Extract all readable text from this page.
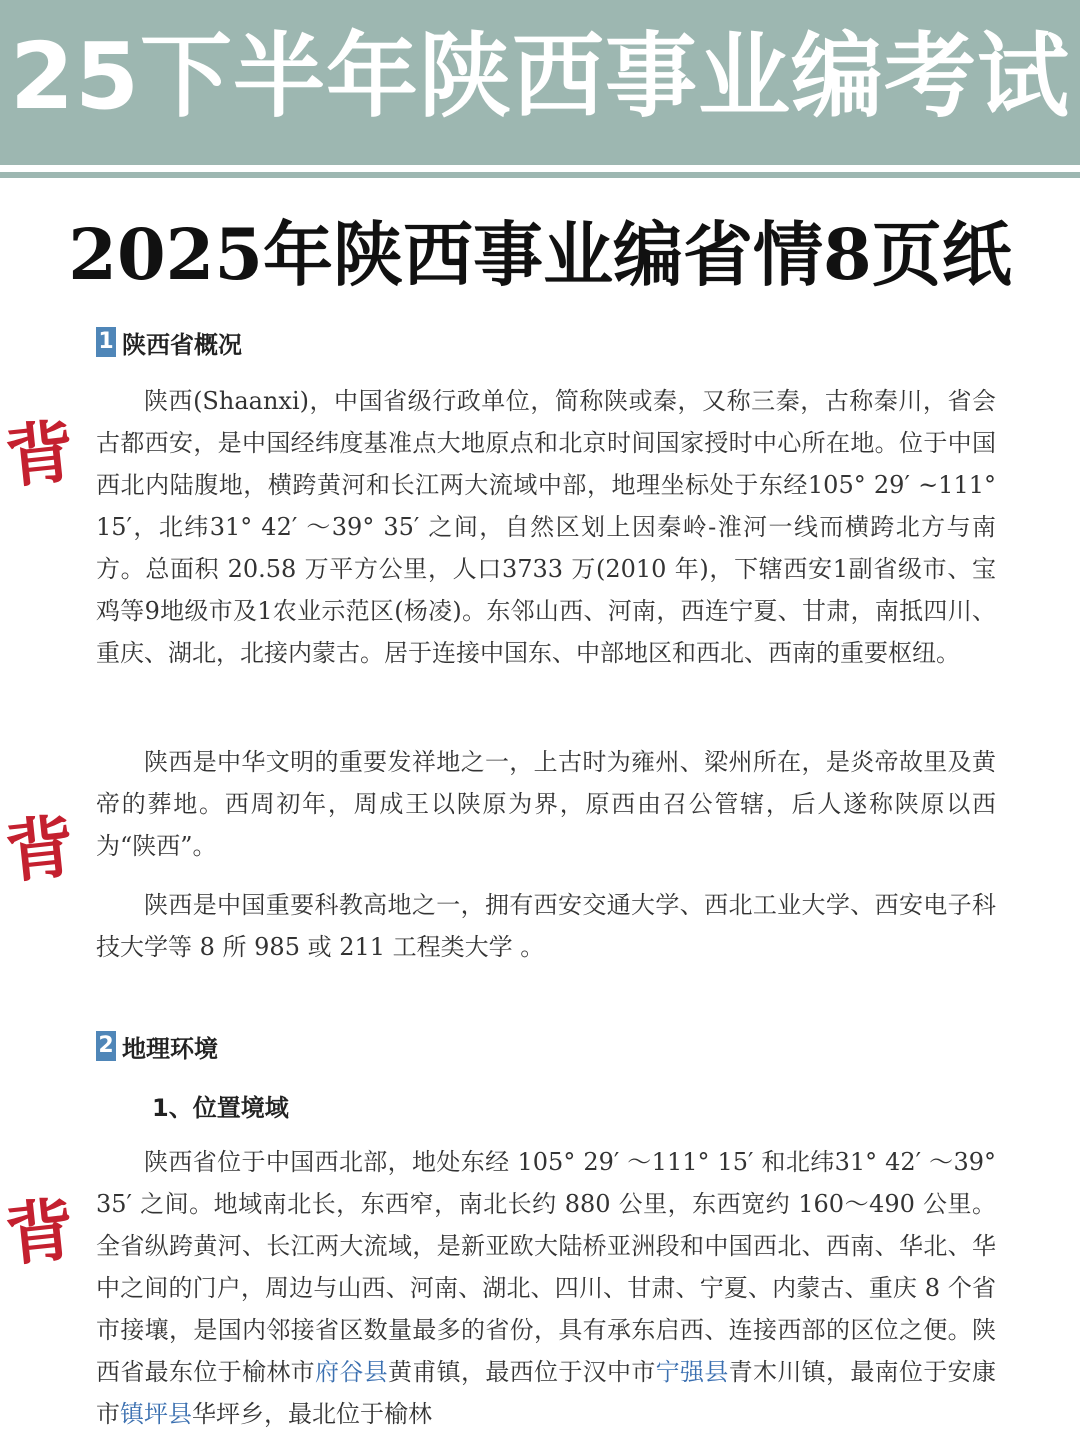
25下半年陕西事业编考试
2025年陕西事业编省情8页纸
1 陕西省概况

陕西(Shaanxi)，中国省级行政单位，简称陕或秦，又称三秦，古称秦川，省会古都西安，是中国经纬度基准点大地原点和北京时间国家授时中心所在地。位于中国西北内陆腹地，横跨黄河和长江两大流域中部，地理坐标处于东经105° 29′ ~111° 15′，北纬31° 42′ ～39° 35′ 之间，自然区划上因秦岭-淮河一线而横跨北方与南方。总面积 20.58 万平方公里，人口3733 万(2010 年)，下辖西安1副省级市、宝鸡等9地级市及1农业示范区(杨凌)。东邻山西、河南，西连宁夏、甘肃，南抵四川、重庆、湖北，北接内蒙古。居于连接中国东、中部地区和西北、西南的重要枢纽。

陕西是中华文明的重要发祥地之一，上古时为雍州、梁州所在，是炎帝故里及黄帝的葬地。西周初年，周成王以陕原为界，原西由召公管辖，后人遂称陕原以西为“陕西”。

陕西是中国重要科教高地之一，拥有西安交通大学、西北工业大学、西安电子科技大学等 8 所 985 或 211 工程类大学 。

2 地理环境
1、位置境域

陕西省位于中国西北部，地处东经 105° 29′ ～111° 15′ 和北纬31° 42′ ～39° 35′ 之间。地域南北长，东西窄，南北长约 880 公里，东西宽约 160～490 公里。全省纵跨黄河、长江两大流域，是新亚欧大陆桥亚洲段和中国西北、西南、华北、华中之间的门户，周边与山西、河南、湖北、四川、甘肃、宁夏、内蒙古、重庆 8 个省市接壤，是国内邻接省区数量最多的省份，具有承东启西、连接西部的区位之便。陕西省最东位于榆林市府谷县黄甫镇，最西位于汉中市宁强县青木川镇，最南位于安康市镇坪县华坪乡，最北位于榆林

背
背
背
